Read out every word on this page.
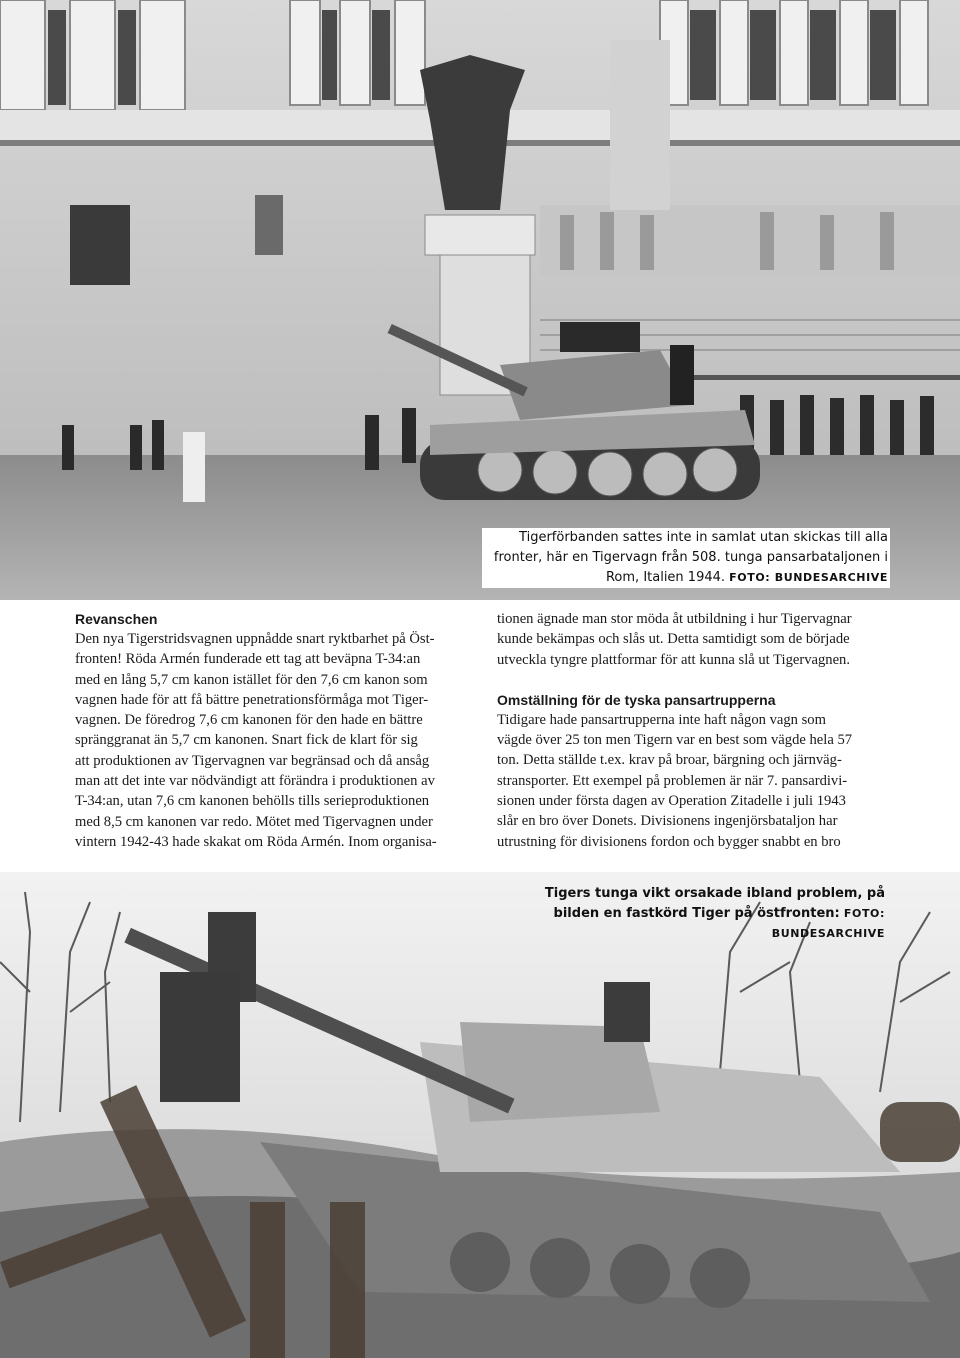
Tigerförbanden sattes inte in samlat utan skickas till alla fronter, här en Tigervagn från 508. tunga pansarbataljonen i Rom, Italien 1944. FOTO: BUNDESARCHIVE
Revanschen
Den nya Tigerstridsvagnen uppnådde snart ryktbarhet på Öst-
fronten! Röda Armén funderade ett tag att beväpna T-34:an
med en lång 5,7 cm kanon istället för den 7,6 cm kanon som
vagnen hade för att få bättre penetrationsförmåga mot Tiger-
vagnen. De föredrog 7,6 cm kanonen för den hade en bättre
spränggranat än 5,7 cm kanonen. Snart fick de klart för sig
att produktionen av Tigervagnen var begränsad och då ansåg
man att det inte var nödvändigt att förändra i produktionen av
T-34:an, utan 7,6 cm kanonen behölls tills serieproduktionen
med 8,5 cm kanonen var redo. Mötet med Tigervagnen under
vintern 1942-43 hade skakat om Röda Armén. Inom organisa-
tionen ägnade man stor möda åt utbildning i hur Tigervagnar
kunde bekämpas och slås ut. Detta samtidigt som de började
utveckla tyngre plattformar för att kunna slå ut Tigervagnen.
Omställning för de tyska pansartrupperna
Tidigare hade pansartrupperna inte haft någon vagn som
vägde över 25 ton men Tigern var en best som vägde hela 57
ton. Detta ställde t.ex. krav på broar, bärgning och järnväg-
stransporter. Ett exempel på problemen är när 7. pansardivi-
sionen under första dagen av Operation Zitadelle i juli 1943
slår en bro över Donets. Divisionens ingenjörsbataljon har
utrustning för divisionens fordon och bygger snabbt en bro
Tigers tunga vikt orsakade ibland problem, på bilden en fastkörd Tiger på östfronten: FOTO: BUNDESARCHIVE
